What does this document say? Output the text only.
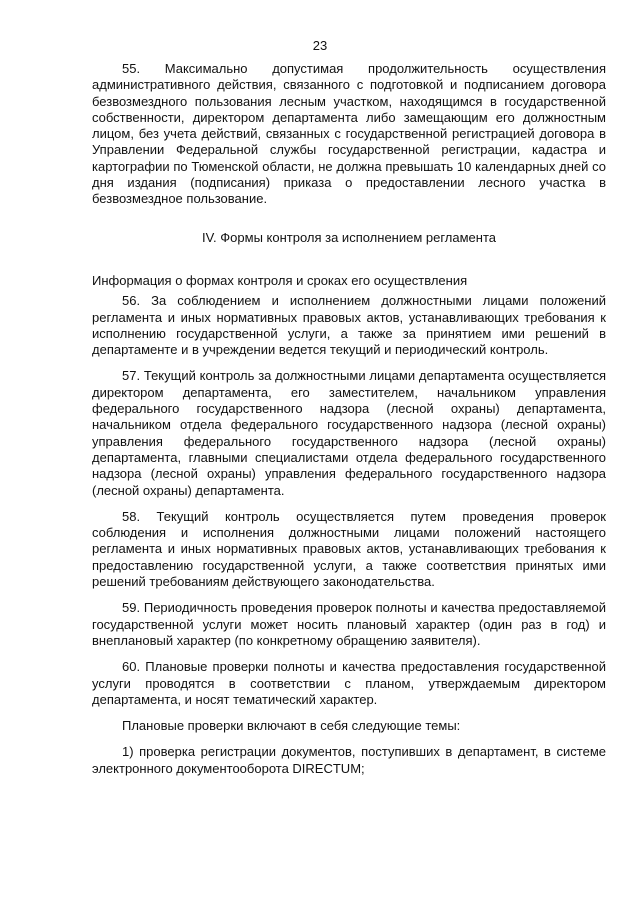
23

55. Максимально допустимая продолжительность осуществления административного действия, связанного с подготовкой и подписанием договора безвозмездного пользования лесным участком, находящимся в государственной собственности, директором департамента либо замещающим его должностным лицом, без учета действий, связанных с государственной регистрацией договора в Управлении Федеральной службы государственной регистрации, кадастра и картографии по Тюменской области, не должна превышать 10 календарных дней со дня издания (подписания) приказа о предоставлении лесного участка в безвозмездное пользование.

IV. Формы контроля за исполнением регламента

Информация о формах контроля и сроках его осуществления

56. За соблюдением и исполнением должностными лицами положений регламента и иных нормативных правовых актов, устанавливающих требования к исполнению государственной услуги, а также за принятием ими решений в департаменте и в учреждении ведется текущий и периодический контроль.

57. Текущий контроль за должностными лицами департамента осуществляется директором департамента, его заместителем, начальником управления федерального государственного надзора (лесной охраны) департамента, начальником отдела федерального государственного надзора (лесной охраны) управления федерального государственного надзора (лесной охраны) департамента, главными специалистами отдела федерального государственного надзора (лесной охраны) управления федерального государственного надзора (лесной охраны) департамента.

58. Текущий контроль осуществляется путем проведения проверок соблюдения и исполнения должностными лицами положений настоящего регламента и иных нормативных правовых актов, устанавливающих требования к предоставлению государственной услуги, а также соответствия принятых ими решений требованиям действующего законодательства.

59. Периодичность проведения проверок полноты и качества предоставляемой государственной услуги может носить плановый характер (один раз в год) и внеплановый характер (по конкретному обращению заявителя).

60. Плановые проверки полноты и качества предоставления государственной услуги проводятся в соответствии с планом, утверждаемым директором департамента, и носят тематический характер.

Плановые проверки включают в себя следующие темы:

1) проверка регистрации документов, поступивших в департамент, в системе электронного документооборота DIRECTUM;
